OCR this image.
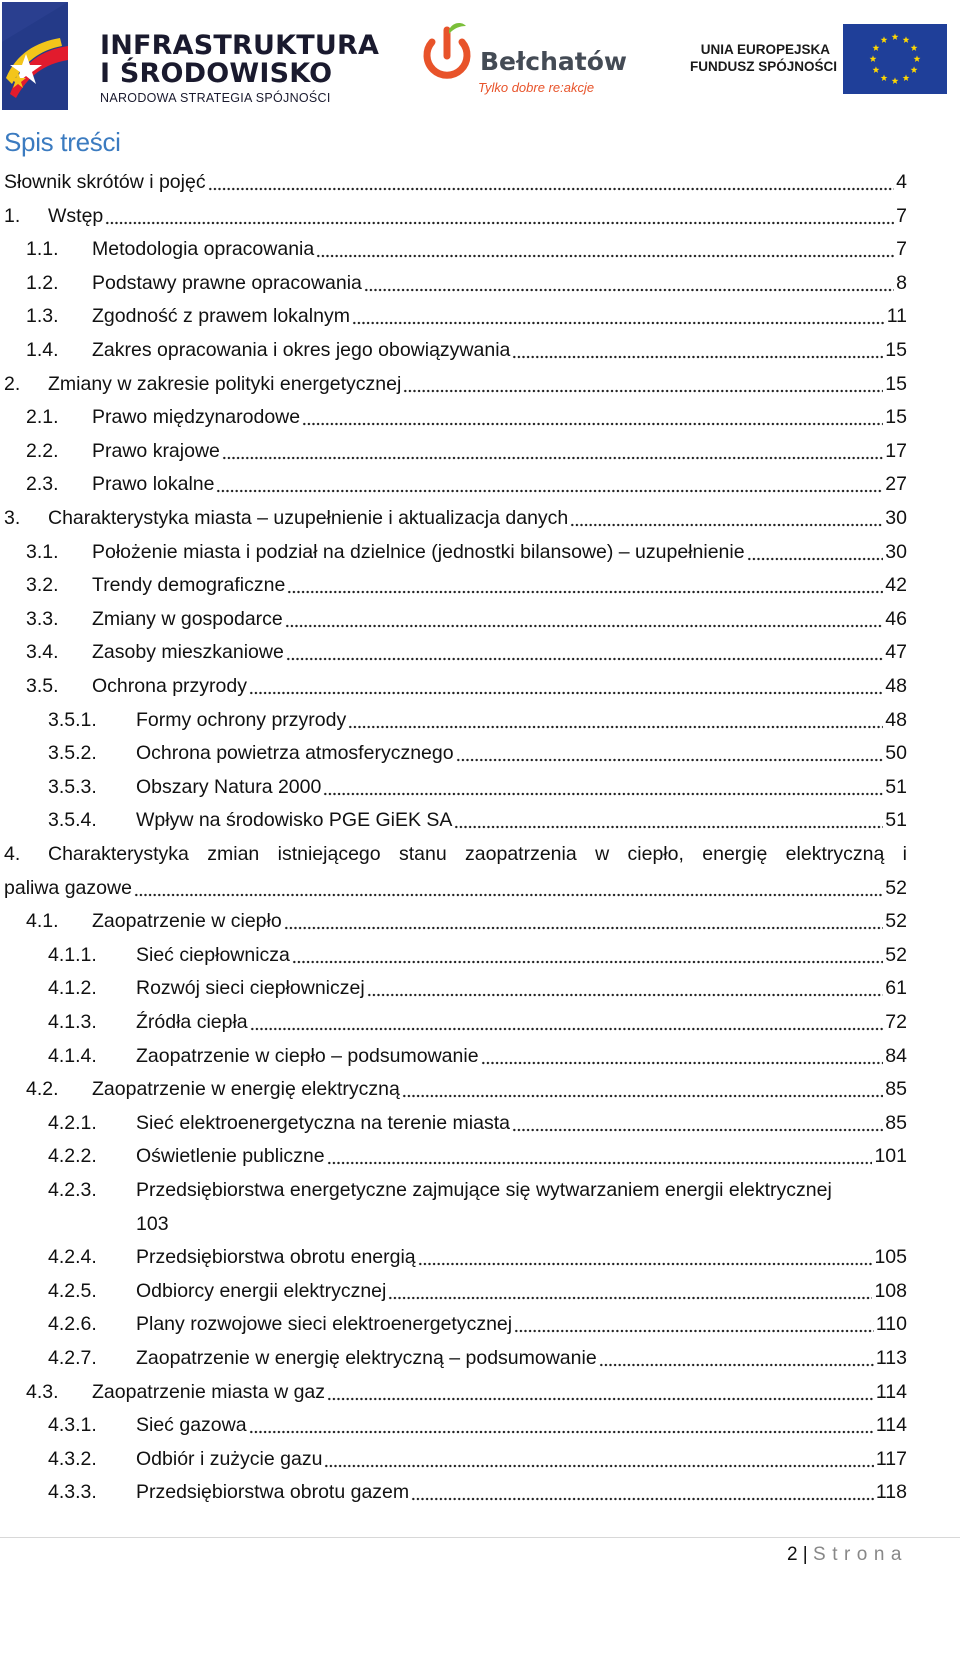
INFRASTRUKTURA
I ŚRODOWISKO
NARODOWA STRATEGIA SPÓJNOŚCI
Bełchatów
Tylko dobre re:akcje
UNIA EUROPEJSKA
FUNDUSZ SPÓJNOŚCI
Spis treści
Słownik skrótów i pojęć	4
1.	Wstęp	7
1.1.	Metodologia opracowania	7
1.2.	Podstawy prawne opracowania	8
1.3.	Zgodność z prawem lokalnym	11
1.4.	Zakres opracowania i okres jego obowiązywania	15
2.	Zmiany w zakresie polityki energetycznej	15
2.1.	Prawo międzynarodowe	15
2.2.	Prawo krajowe	17
2.3.	Prawo lokalne	27
3.	Charakterystyka miasta – uzupełnienie i aktualizacja danych	30
3.1.	Położenie miasta i podział na dzielnice (jednostki bilansowe) – uzupełnienie	30
3.2.	Trendy demograficzne	42
3.3.	Zmiany w gospodarce	46
3.4.	Zasoby mieszkaniowe	47
3.5.	Ochrona przyrody	48
3.5.1.	Formy ochrony przyrody	48
3.5.2.	Ochrona powietrza atmosferycznego	50
3.5.3.	Obszary Natura 2000	51
3.5.4.	Wpływ na środowisko PGE GiEK SA	51
4.	Charakterystyka zmian istniejącego stanu zaopatrzenia w ciepło, energię elektryczną i
paliwa gazowe	52
4.1.	Zaopatrzenie w ciepło	52
4.1.1.	Sieć ciepłownicza	52
4.1.2.	Rozwój sieci ciepłowniczej	61
4.1.3.	Źródła ciepła	72
4.1.4.	Zaopatrzenie w ciepło – podsumowanie	84
4.2.	Zaopatrzenie w energię elektryczną	85
4.2.1.	Sieć elektroenergetyczna na terenie miasta	85
4.2.2.	Oświetlenie publiczne	101
4.2.3.	Przedsiębiorstwa energetyczne zajmujące się wytwarzaniem energii elektrycznej
103
4.2.4.	Przedsiębiorstwa obrotu energią	105
4.2.5.	Odbiorcy energii elektrycznej	108
4.2.6.	Plany rozwojowe sieci elektroenergetycznej	110
4.2.7.	Zaopatrzenie w energię elektryczną – podsumowanie	113
4.3.	Zaopatrzenie miasta w gaz	114
4.3.1.	Sieć gazowa	114
4.3.2.	Odbiór i zużycie gazu	117
4.3.3.	Przedsiębiorstwa obrotu gazem	118
2 | Strona
